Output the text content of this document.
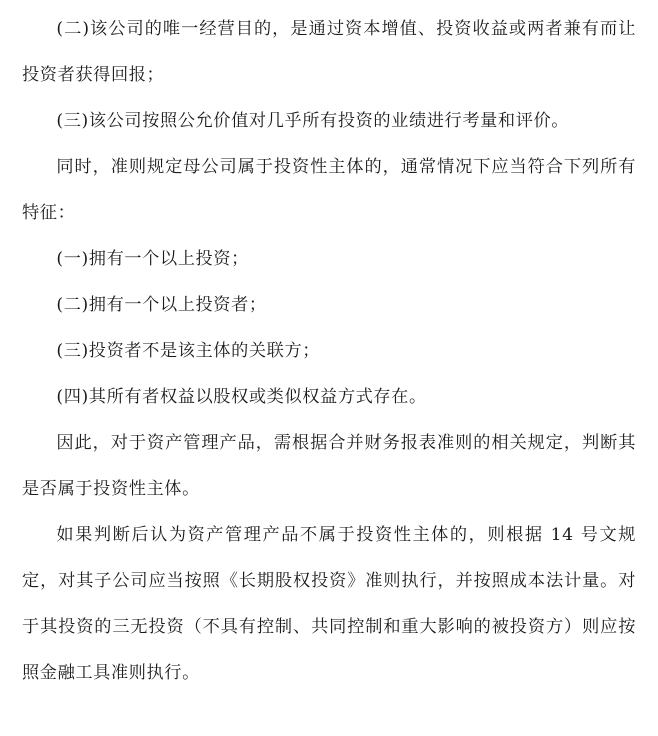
(二)该公司的唯一经营目的，是通过资本增值、投资收益或两者兼有而让投资者获得回报；

(三)该公司按照公允价值对几乎所有投资的业绩进行考量和评价。

同时，准则规定母公司属于投资性主体的，通常情况下应当符合下列所有特征：

(一)拥有一个以上投资；

(二)拥有一个以上投资者；

(三)投资者不是该主体的关联方；

(四)其所有者权益以股权或类似权益方式存在。

因此，对于资产管理产品，需根据合并财务报表准则的相关规定，判断其是否属于投资性主体。

如果判断后认为资产管理产品不属于投资性主体的，则根据 14 号文规定，对其子公司应当按照《长期股权投资》准则执行，并按照成本法计量。对于其投资的三无投资（不具有控制、共同控制和重大影响的被投资方）则应按照金融工具准则执行。
